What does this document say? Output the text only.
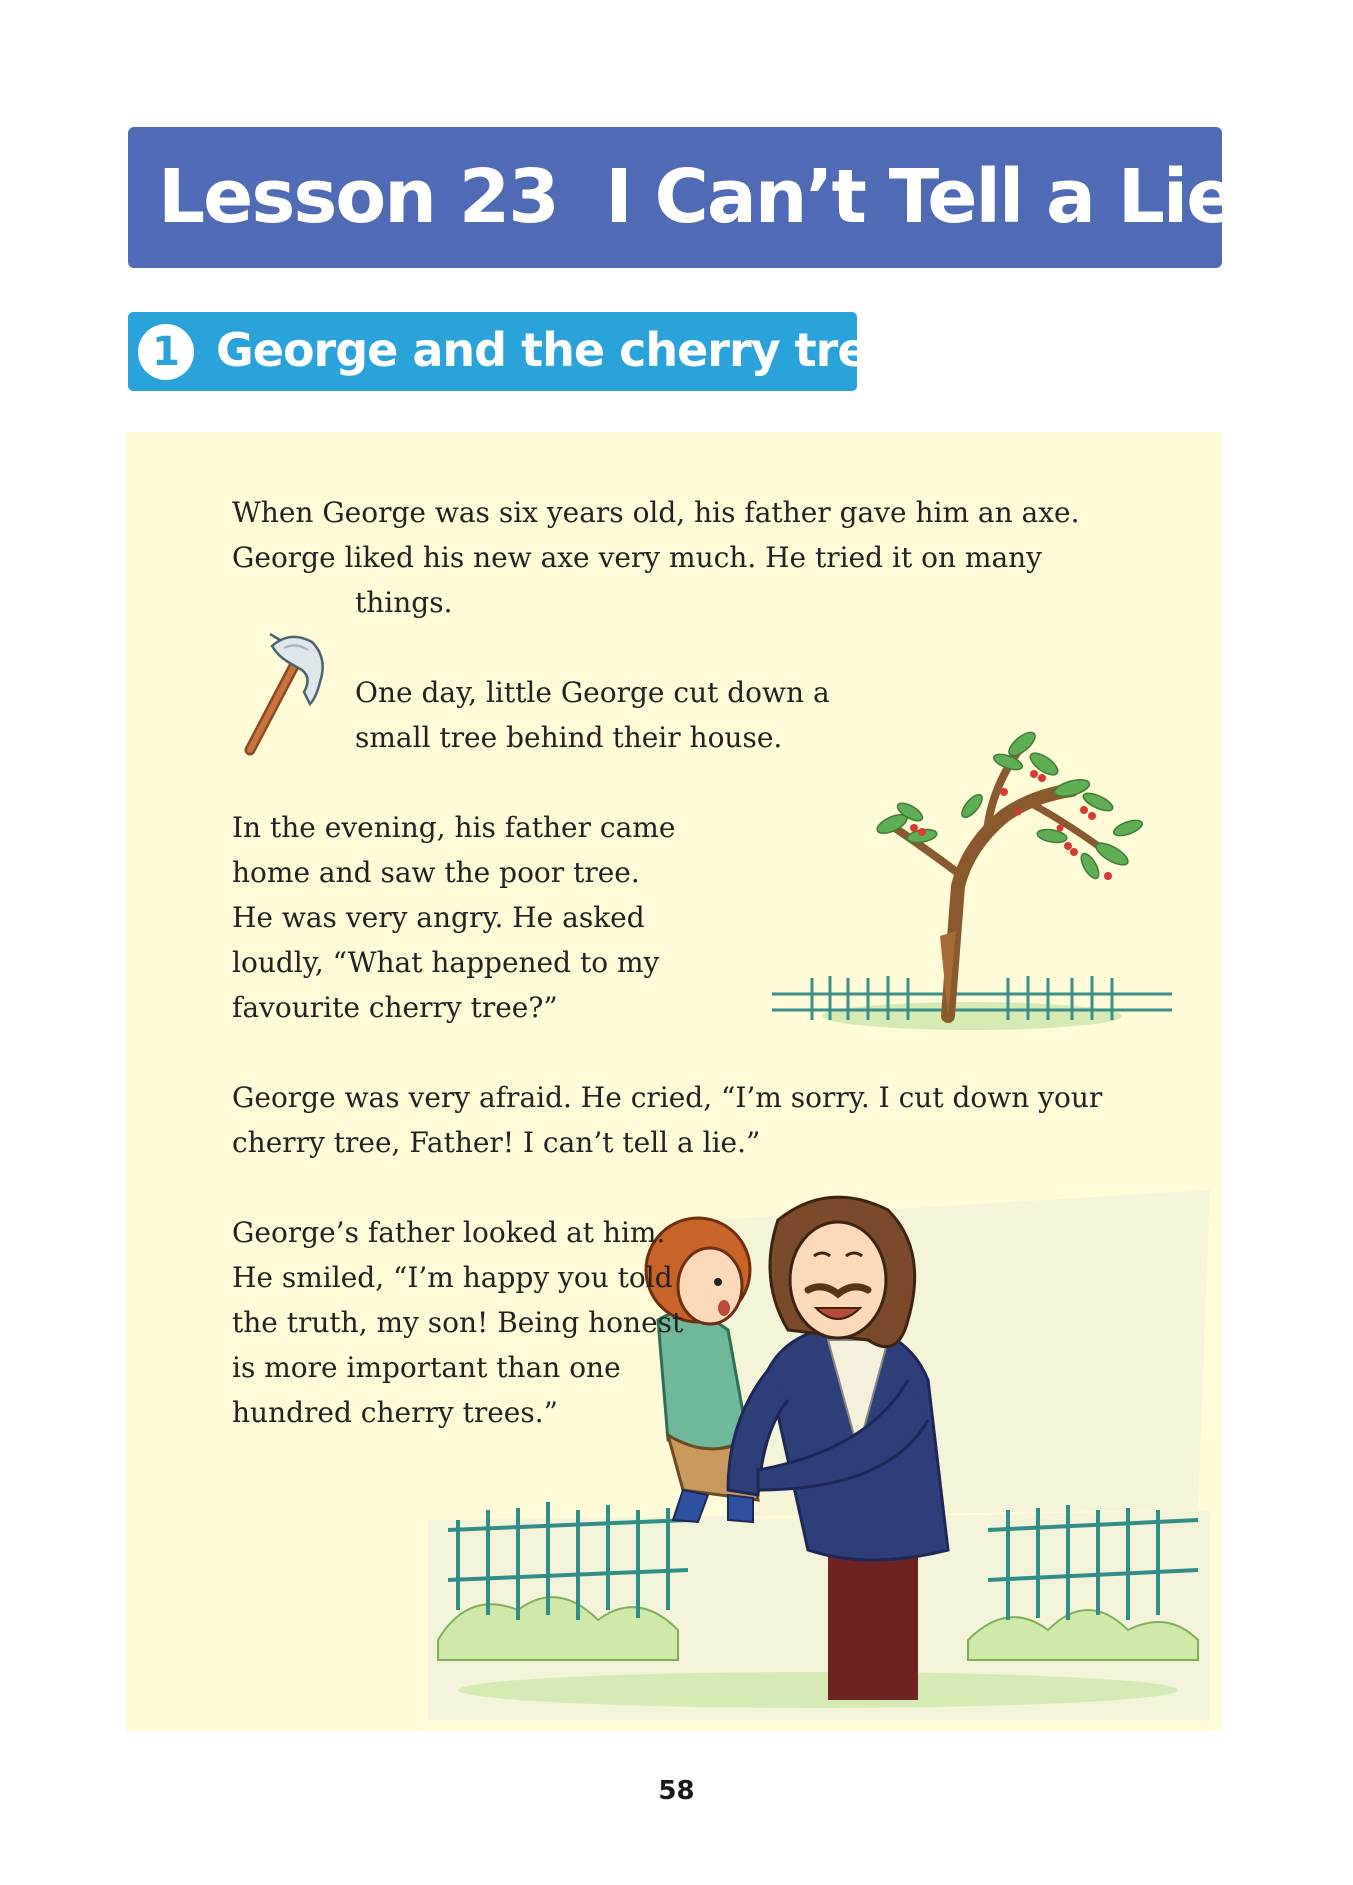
Lesson 23  I Can’t Tell a Lie
1 George and the cherry tree

When George was six years old, his father gave him an axe.

George liked his new axe very much. He tried it on many

things.

One day, little George cut down a

small tree behind their house.

In the evening, his father came

home and saw the poor tree.

He was very angry. He asked

loudly, “What happened to my

favourite cherry tree?”

George was very afraid. He cried, “I’m sorry. I cut down your

cherry tree, Father! I can’t tell a lie.”

George’s father looked at him.

He smiled, “I’m happy you told

the truth, my son! Being honest

is more important than one

hundred cherry trees.”

58
